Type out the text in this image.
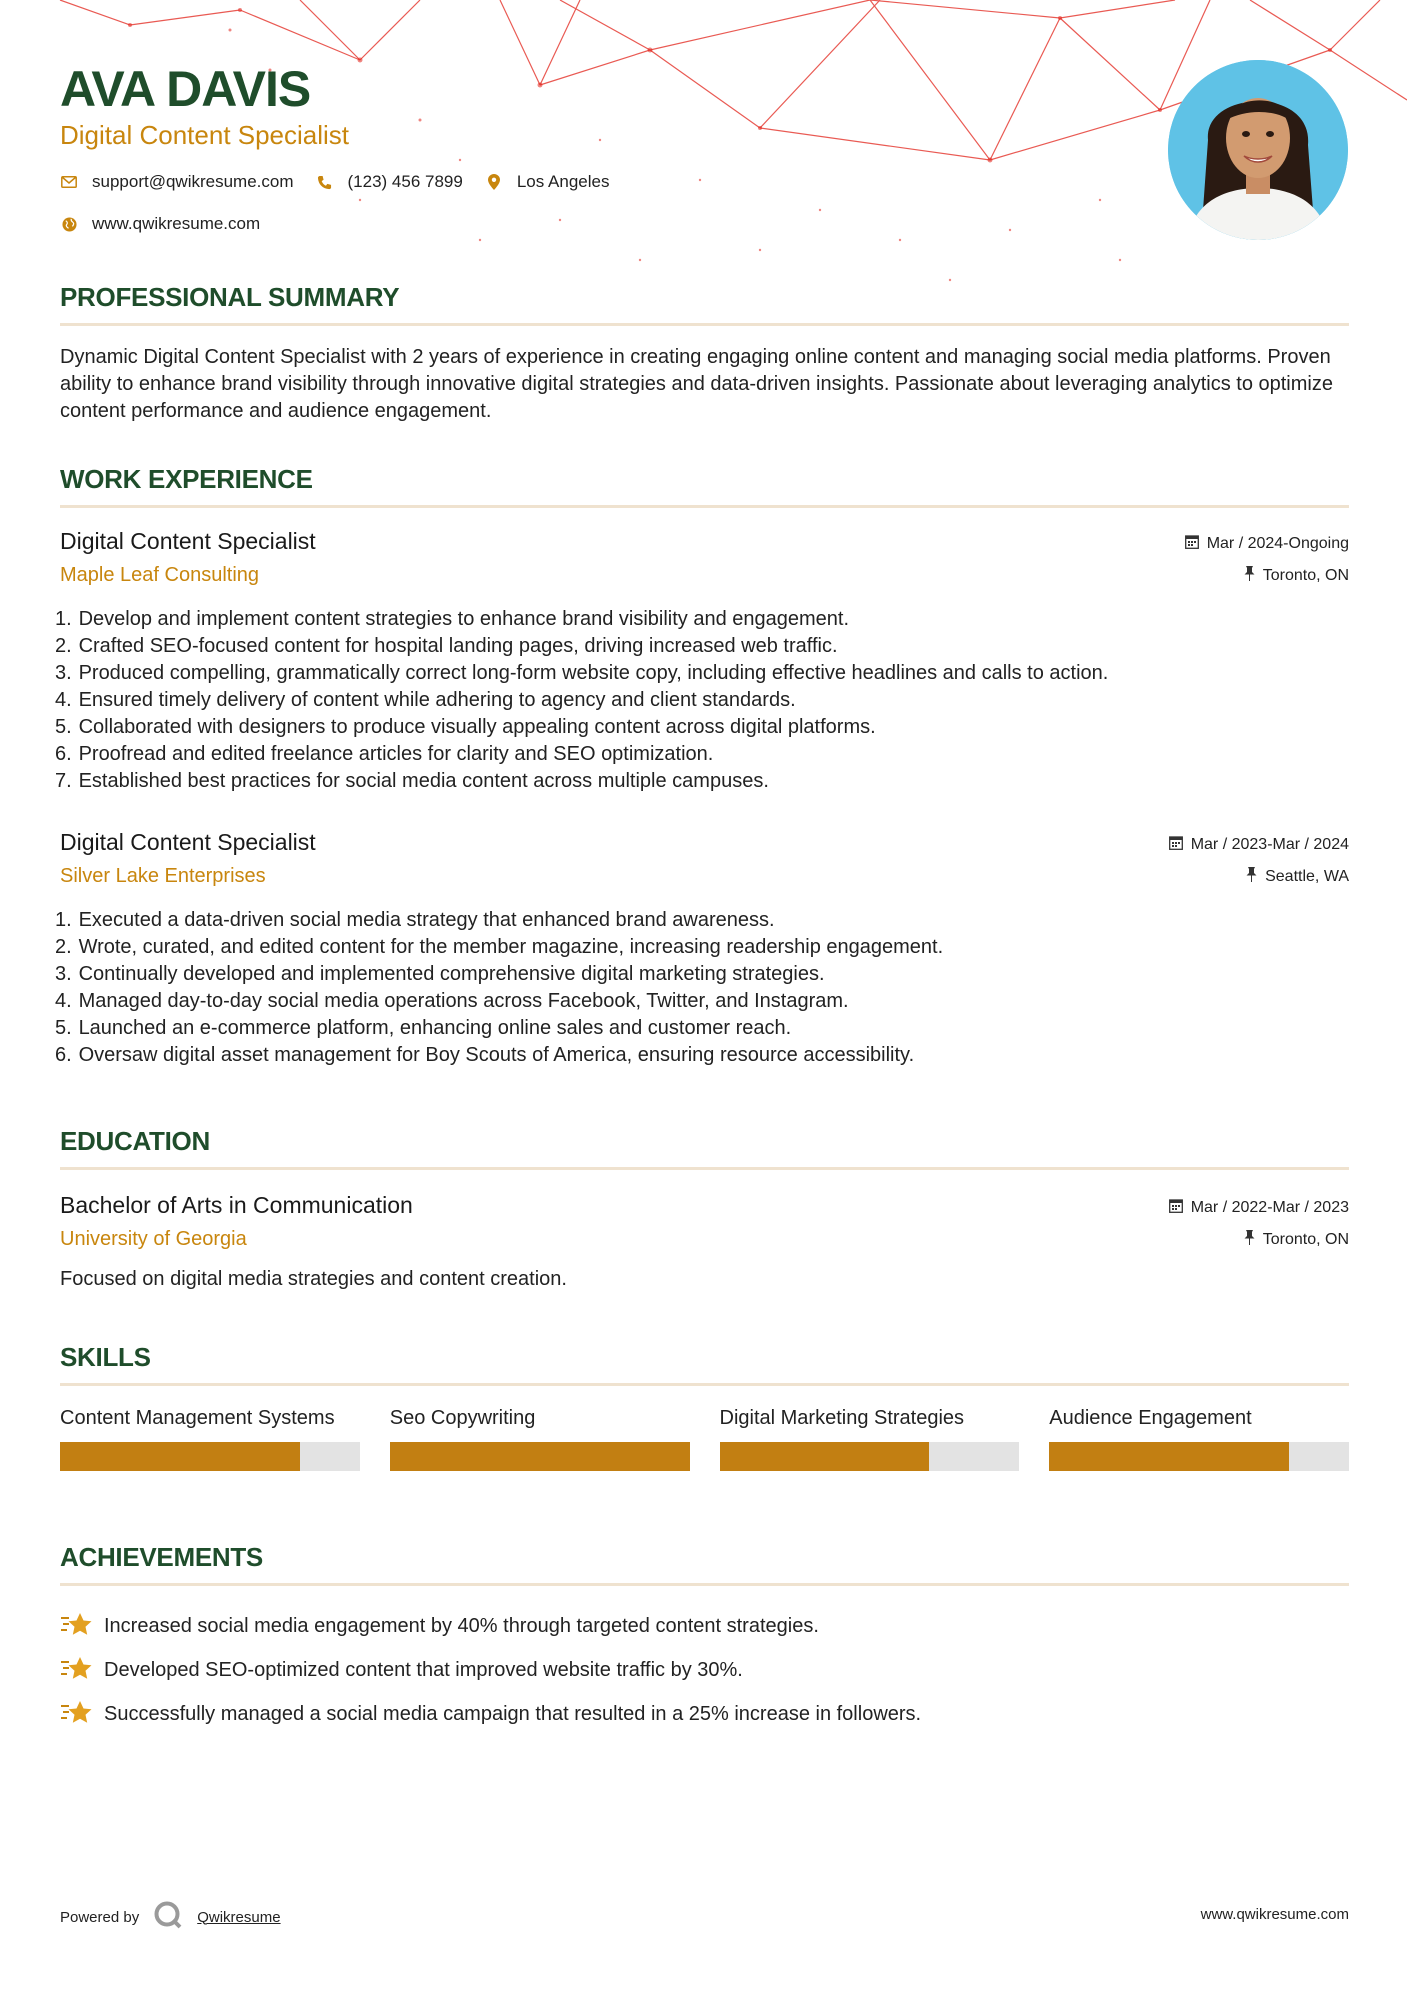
AVA DAVIS
Digital Content Specialist
support@qwikresume.com	(123) 456 7899	Los Angeles
www.qwikresume.com
PROFESSIONAL SUMMARY

Dynamic Digital Content Specialist with 2 years of experience in creating engaging online content and managing social media platforms. Proven ability to enhance brand visibility through innovative digital strategies and data-driven insights. Passionate about leveraging analytics to optimize content performance and audience engagement.

WORK EXPERIENCE
Digital Content Specialist
Maple Leaf Consulting
Mar / 2024-Ongoing
Toronto, ON
1. Develop and implement content strategies to enhance brand visibility and engagement.
2. Crafted SEO-focused content for hospital landing pages, driving increased web traffic.
3. Produced compelling, grammatically correct long-form website copy, including effective headlines and calls to action.
4. Ensured timely delivery of content while adhering to agency and client standards.
5. Collaborated with designers to produce visually appealing content across digital platforms.
6. Proofread and edited freelance articles for clarity and SEO optimization.
7. Established best practices for social media content across multiple campuses.
Digital Content Specialist
Silver Lake Enterprises
Mar / 2023-Mar / 2024
Seattle, WA
1. Executed a data-driven social media strategy that enhanced brand awareness.
2. Wrote, curated, and edited content for the member magazine, increasing readership engagement.
3. Continually developed and implemented comprehensive digital marketing strategies.
4. Managed day-to-day social media operations across Facebook, Twitter, and Instagram.
5. Launched an e-commerce platform, enhancing online sales and customer reach.
6. Oversaw digital asset management for Boy Scouts of America, ensuring resource accessibility.
EDUCATION
Bachelor of Arts in Communication
University of Georgia
Mar / 2022-Mar / 2023
Toronto, ON

Focused on digital media strategies and content creation.

SKILLS
Content Management Systems	Seo Copywriting	Digital Marketing Strategies	Audience Engagement
ACHIEVEMENTS
Increased social media engagement by 40% through targeted content strategies.
Developed SEO-optimized content that improved website traffic by 30%.
Successfully managed a social media campaign that resulted in a 25% increase in followers.
Powered by	Qwikresume	www.qwikresume.com
